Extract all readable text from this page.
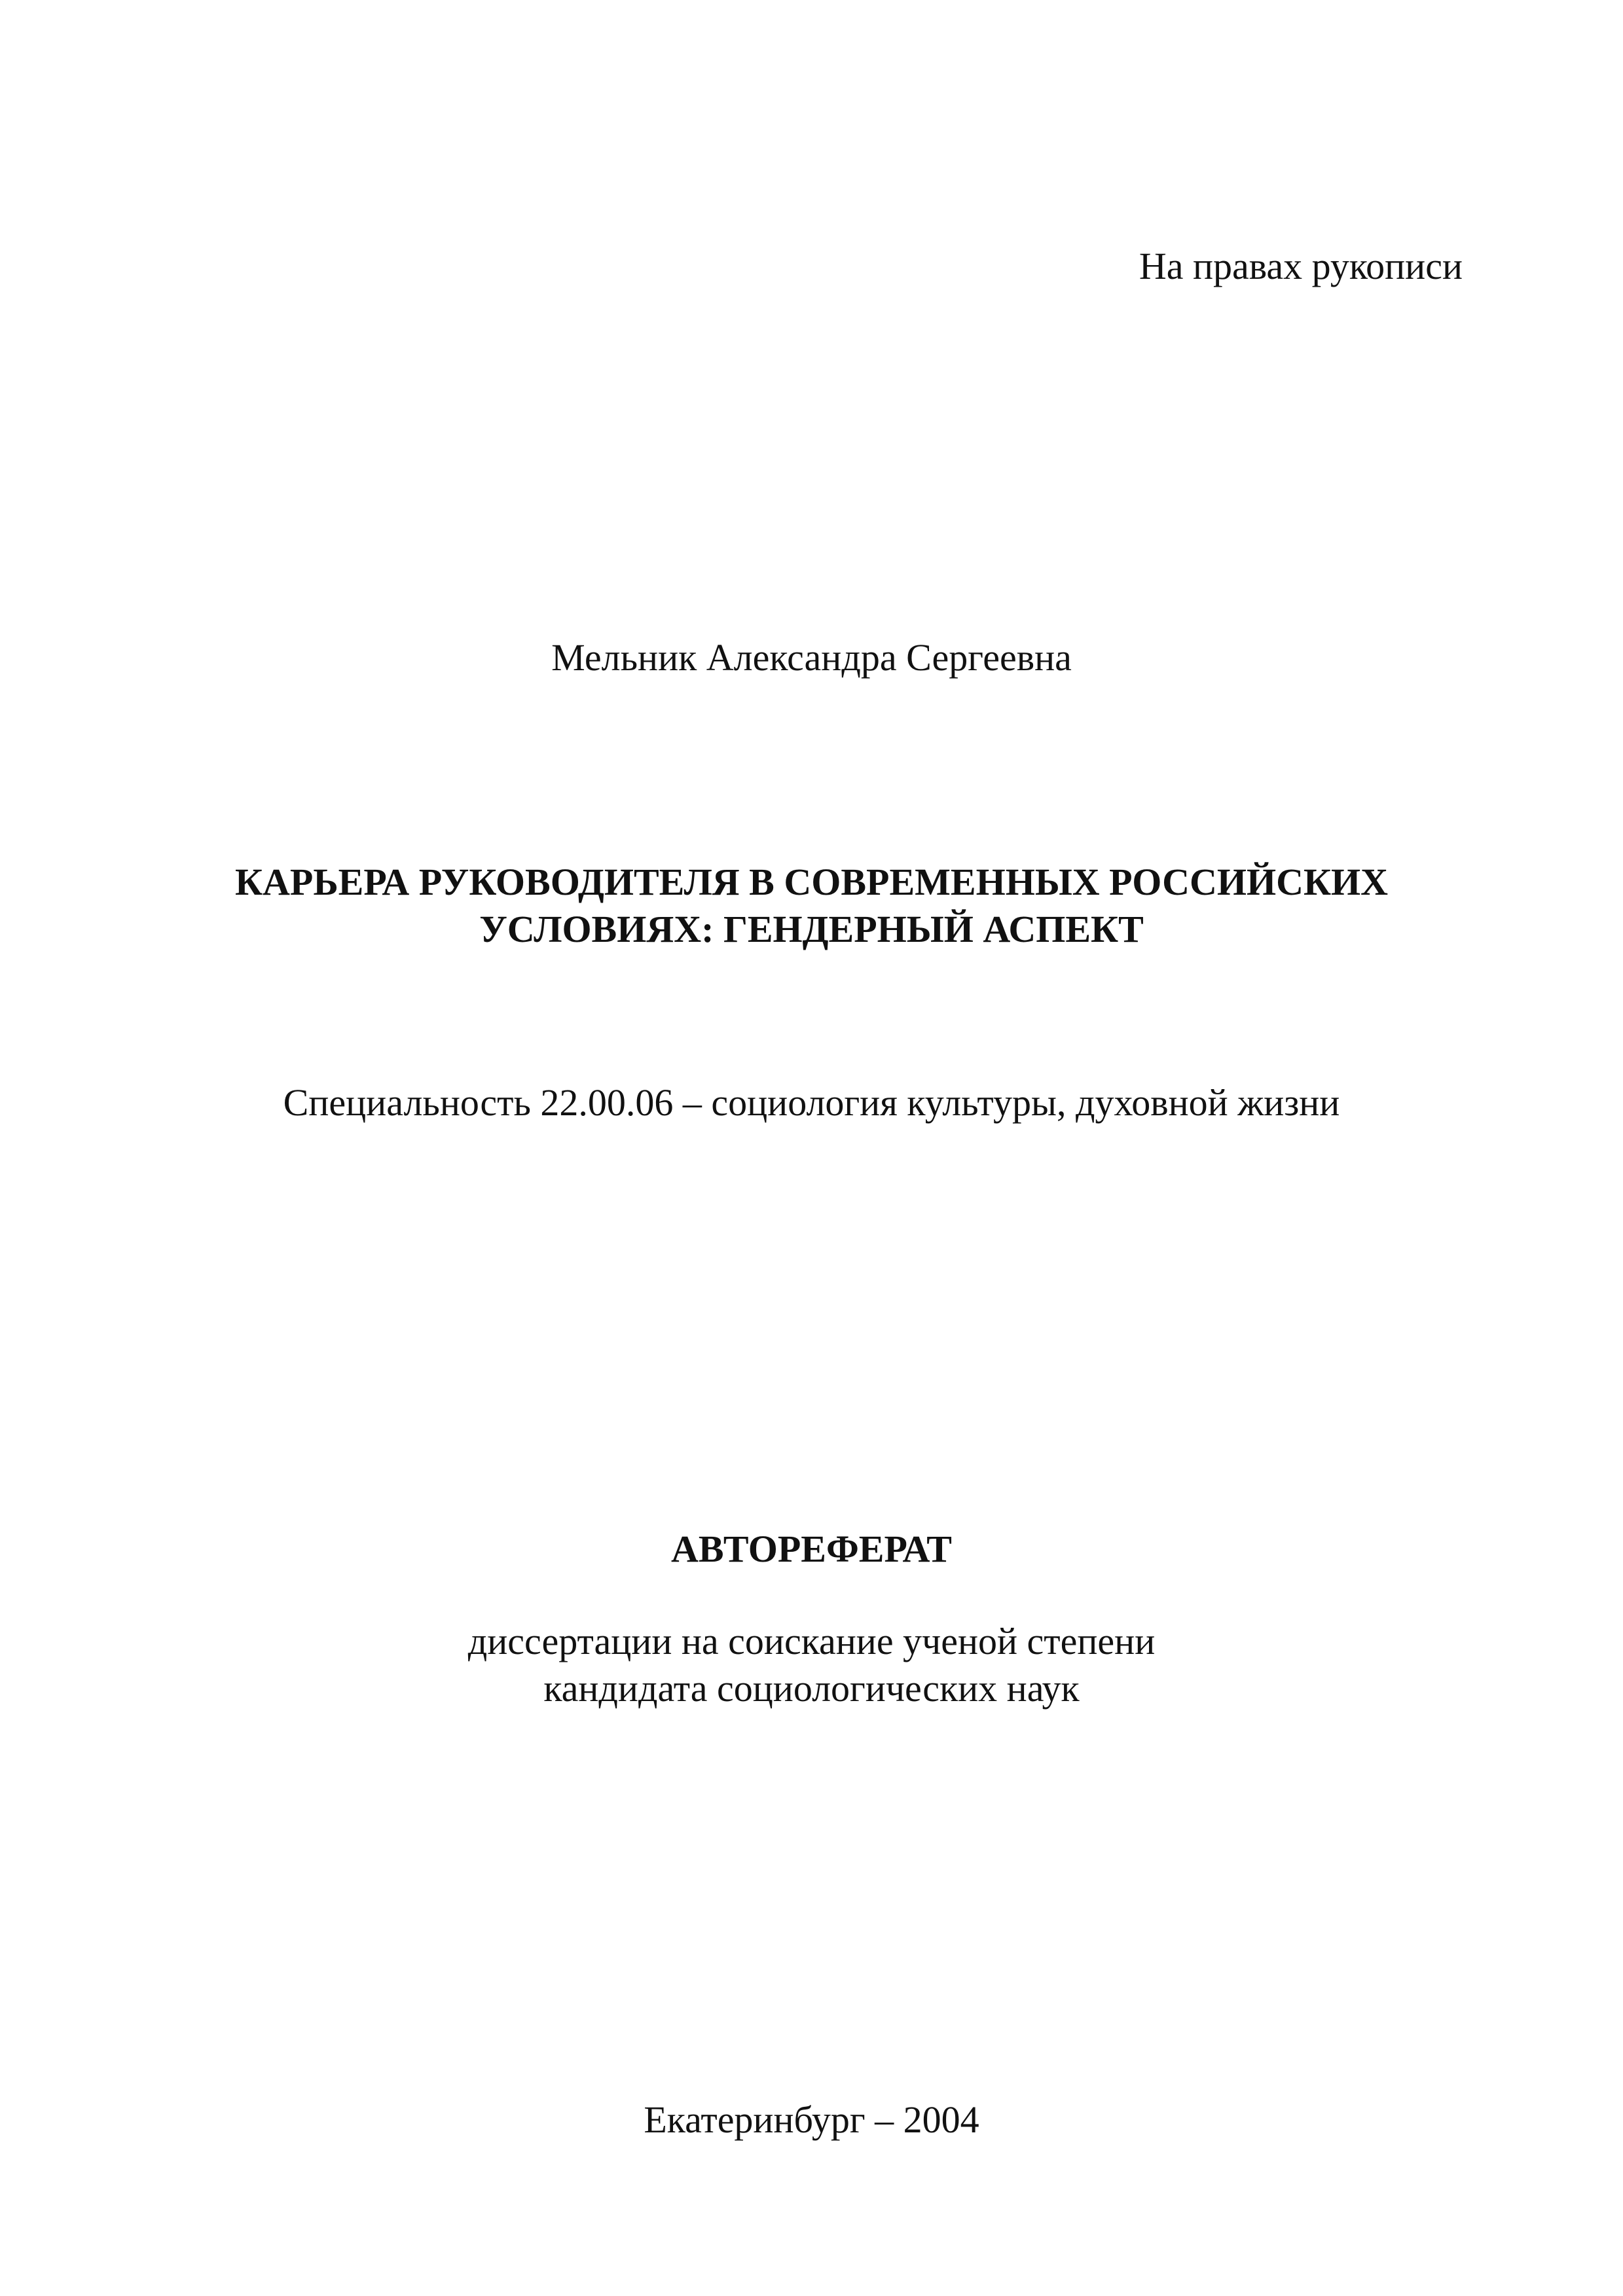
На правах рукописи
Мельник Александра Сергеевна
КАРЬЕРА РУКОВОДИТЕЛЯ В СОВРЕМЕННЫХ РОССИЙСКИХ
УСЛОВИЯХ: ГЕНДЕРНЫЙ АСПЕКТ
Специальность 22.00.06 – социология культуры, духовной жизни
АВТОРЕФЕРАТ
диссертации на соискание ученой степени
кандидата социологических наук
Екатеринбург – 2004
